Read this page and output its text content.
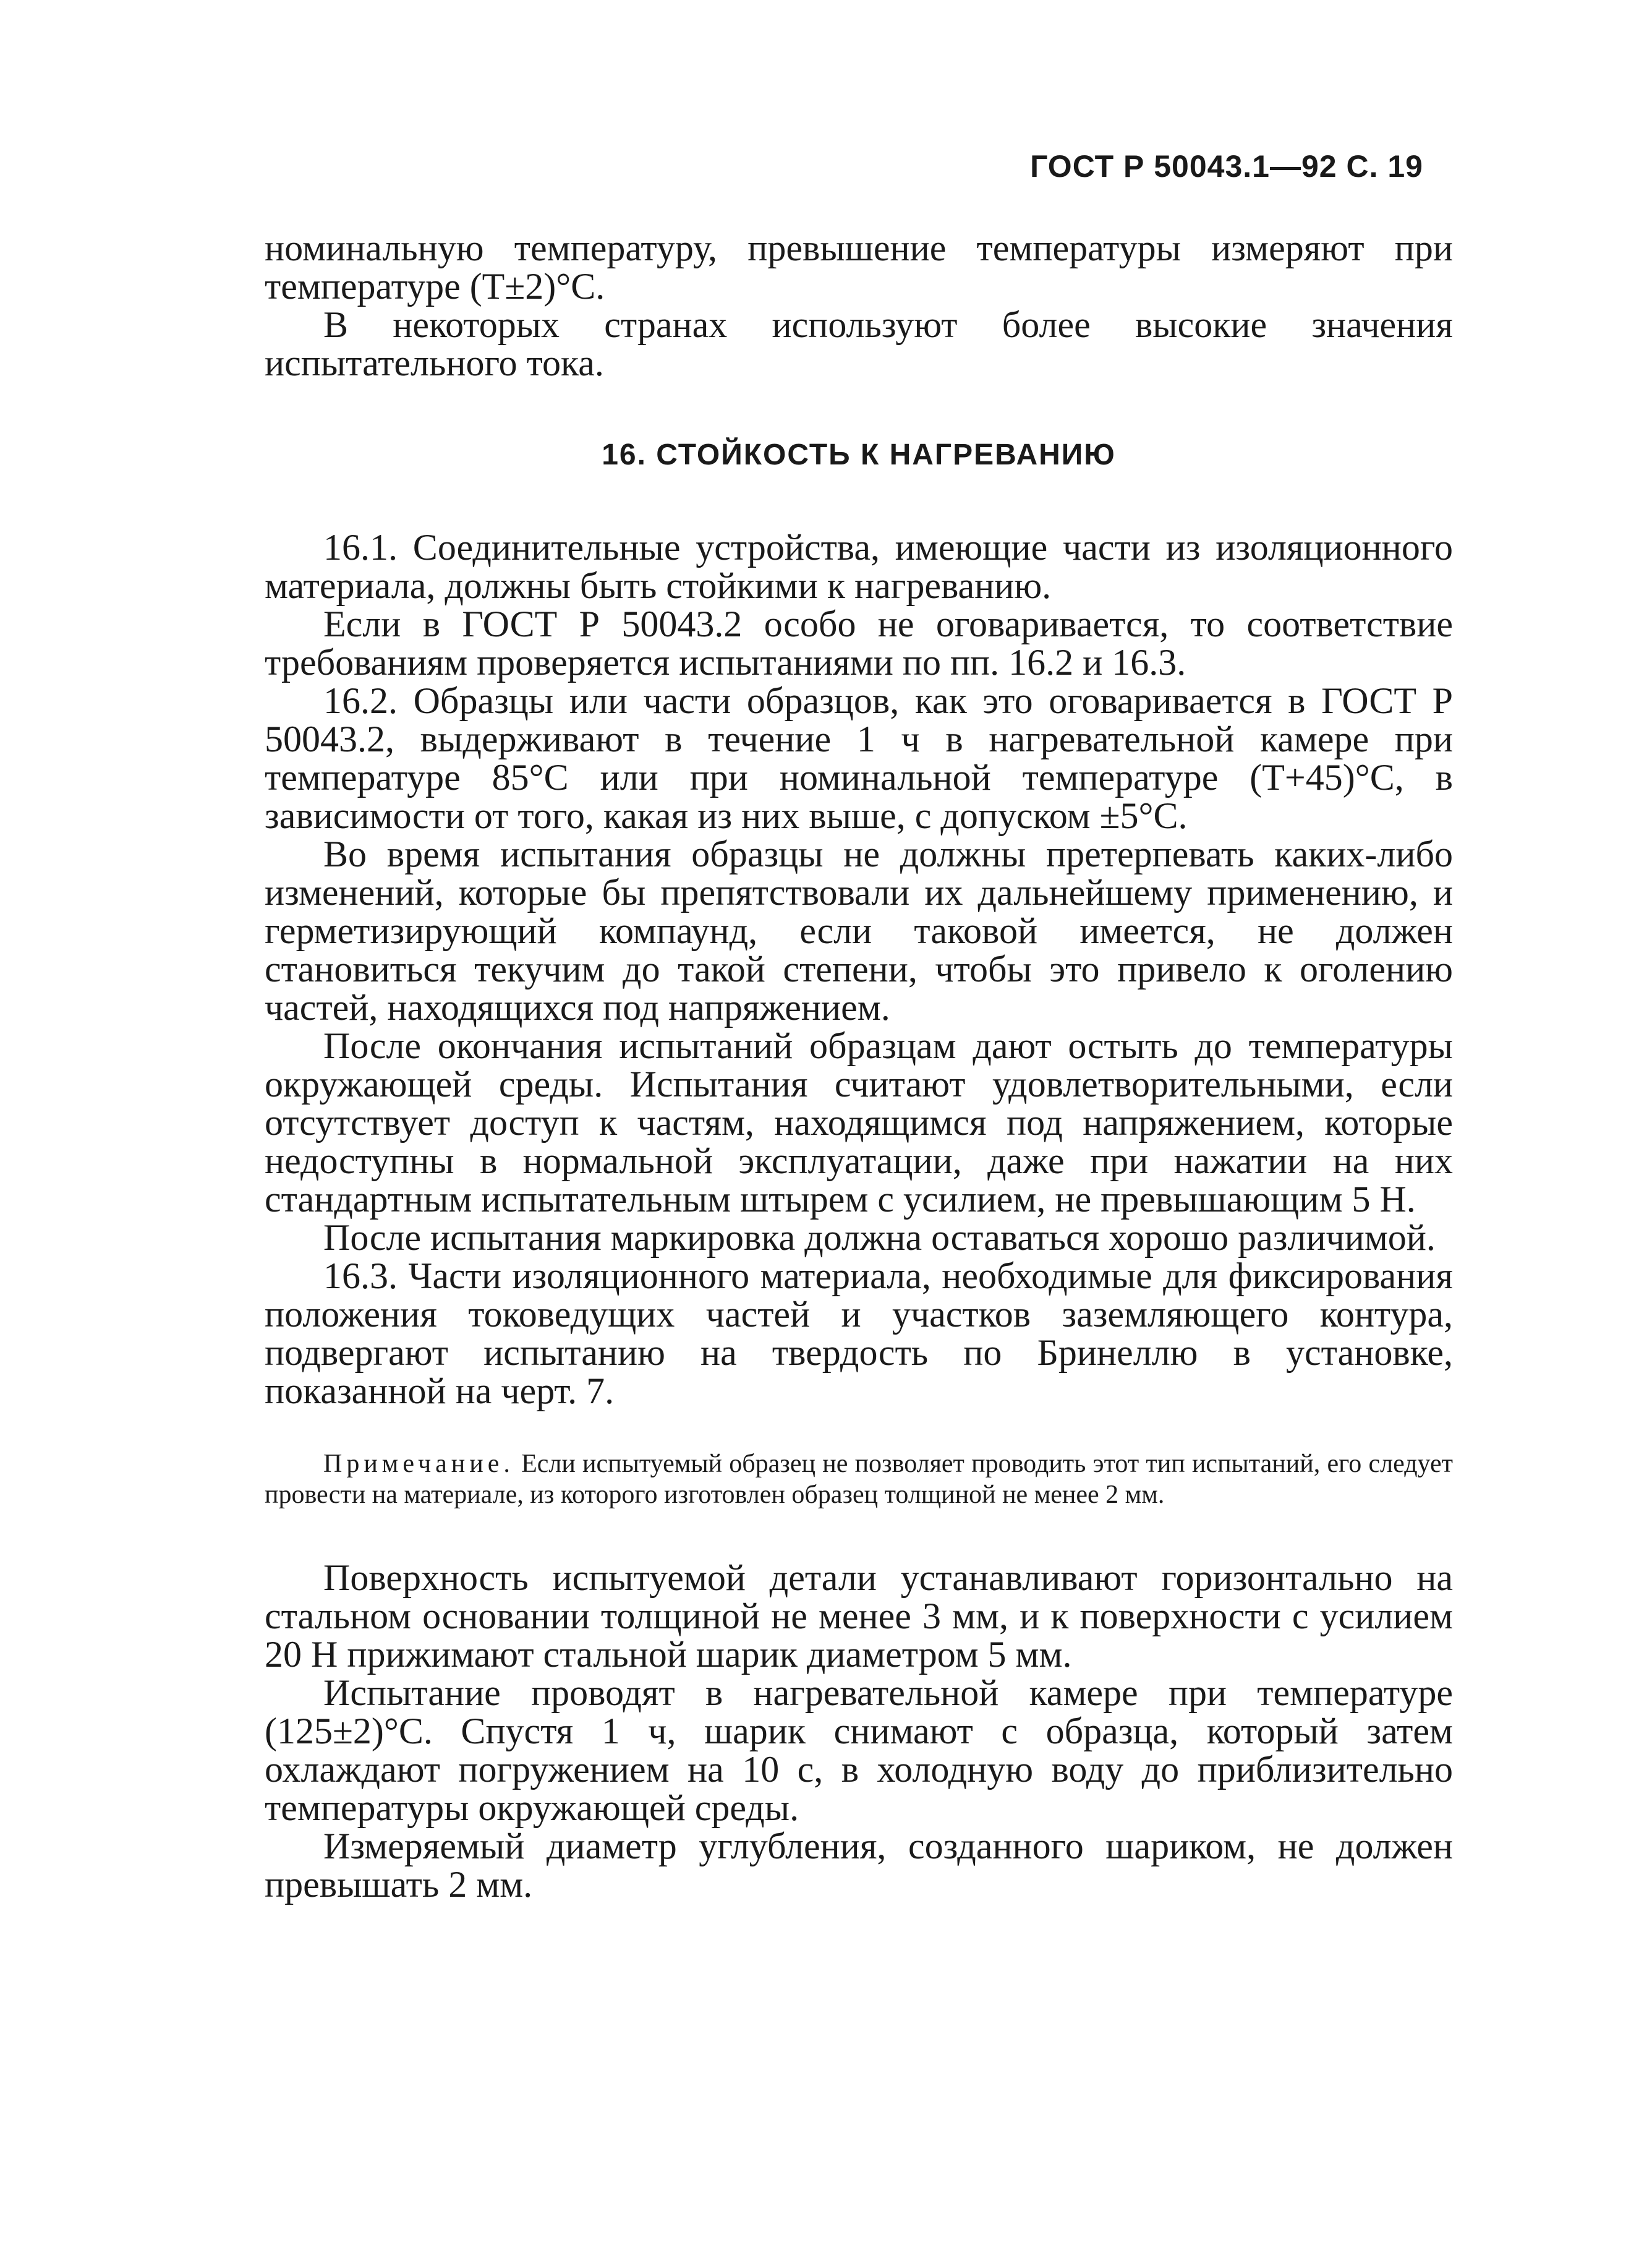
ГОСТ Р 50043.1—92 С. 19

номинальную температуру, превышение температуры измеряют при температуре (Т±2)°С.

В некоторых странах используют более высокие значения испытательного тока.

16. СТОЙКОСТЬ К НАГРЕВАНИЮ

16.1. Соединительные устройства, имеющие части из изоляционного материала, должны быть стойкими к нагреванию.

Если в ГОСТ Р 50043.2 особо не оговаривается, то соответствие требованиям проверяется испытаниями по пп. 16.2 и 16.3.

16.2. Образцы или части образцов, как это оговаривается в ГОСТ Р 50043.2, выдерживают в течение 1 ч в нагревательной камере при температуре 85°С или при номинальной температуре (Т+45)°С, в зависимости от того, какая из них выше, с допуском ±5°С.

Во время испытания образцы не должны претерпевать каких-либо изменений, которые бы препятствовали их дальнейшему применению, и герметизирующий компаунд, если таковой имеется, не должен становиться текучим до такой степени, чтобы это привело к оголению частей, находящихся под напряжением.

После окончания испытаний образцам дают остыть до температуры окружающей среды. Испытания считают удовлетворительными, если отсутствует доступ к частям, находящимся под напряжением, которые недоступны в нормальной эксплуатации, даже при нажатии на них стандартным испытательным штырем с усилием, не превышающим 5 Н.

После испытания маркировка должна оставаться хорошо различимой.

16.3. Части изоляционного материала, необходимые для фиксирования положения токоведущих частей и участков заземляющего контура, подвергают испытанию на твердость по Бринеллю в установке, показанной на черт. 7.

Примечание. Если испытуемый образец не позволяет проводить этот тип испытаний, его следует провести на материале, из которого изготовлен образец толщиной не менее 2 мм.

Поверхность испытуемой детали устанавливают горизонтально на стальном основании толщиной не менее 3 мм, и к поверхности с усилием 20 Н прижимают стальной шарик диаметром 5 мм.

Испытание проводят в нагревательной камере при температуре (125±2)°С. Спустя 1 ч, шарик снимают с образца, который затем охлаждают погружением на 10 с, в холодную воду до приблизительно температуры окружающей среды.

Измеряемый диаметр углубления, созданного шариком, не должен превышать 2 мм.
